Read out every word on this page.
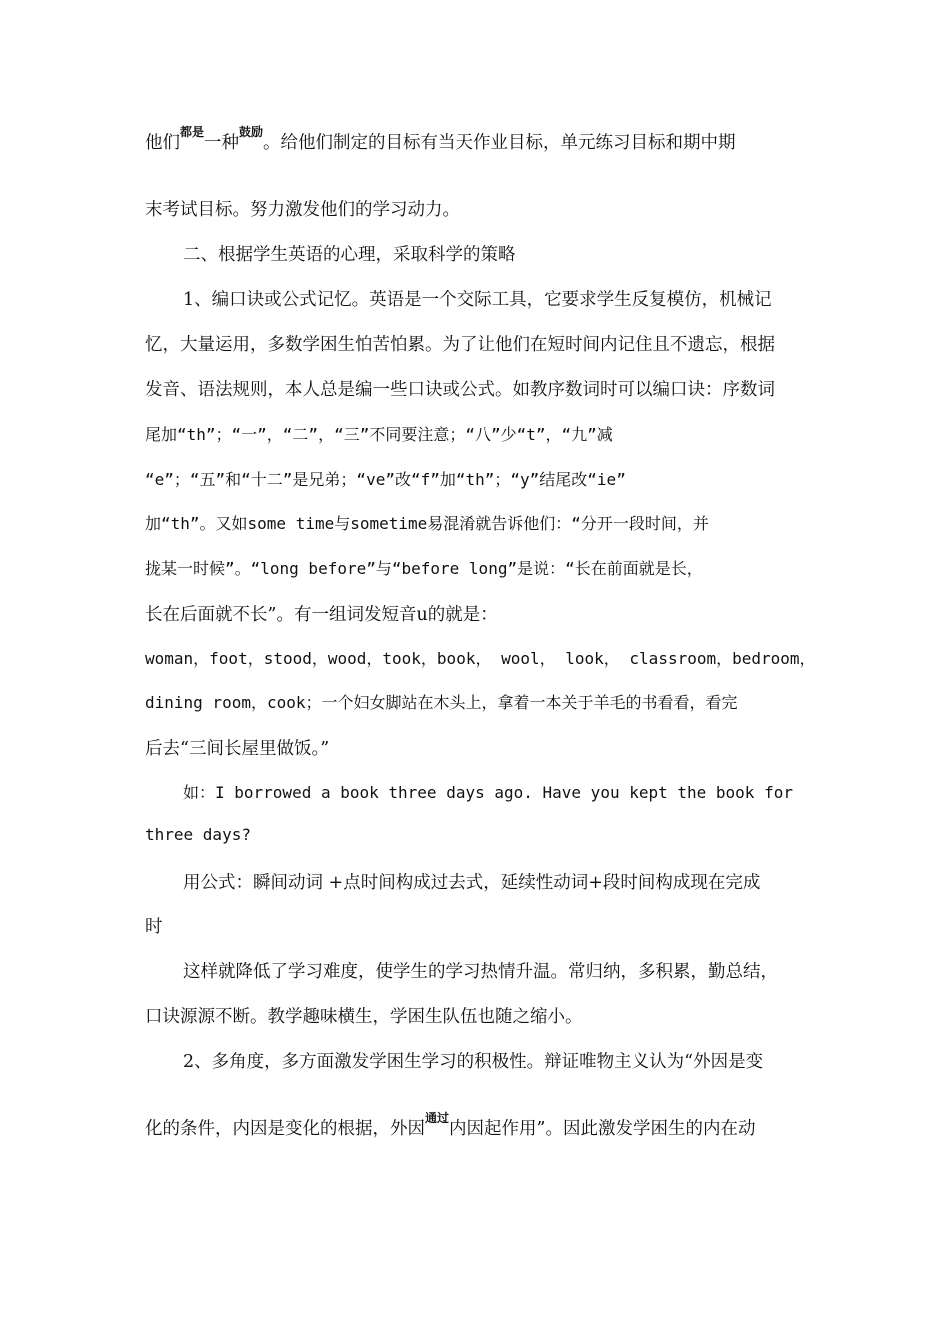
他们$^{都是}$一种$^{鼓励}$。给他们制定的目标有当天作业目标，单元练习目标和期中期
末考试目标。努力激发他们的学习动力。
二、根据学生英语的心理，采取科学的策略
1、编口诀或公式记忆。英语是一个交际工具，它要求学生反复模仿，机械记
忆，大量运用，多数学困生怕苦怕累。为了让他们在短时间内记住且不遗忘，根据
发音、语法规则，本人总是编一些口诀或公式。如教序数词时可以编口诀：序数词
尾加“th”；“一”，“二”，“三”不同要注意；“八”少“t”，“九”减
“e”；“五”和“十二”是兄弟；“ve”改“f”加“th”；“y”结尾改“ie”
加“th”。又如some time与sometime易混淆就告诉他们：“分开一段时间，并
拢某一时候”。“long before”与“before long”是说：“长在前面就是长，
长在后面就不长”。有一组词发短音u的就是：
woman，foot，stood，wood，took，book， wool， look， classroom，bedroom，
dining room，cook；一个妇女脚站在木头上，拿着一本关于羊毛的书看看，看完
后去“三间长屋里做饭。”
如：I borrowed a book three days ago. Have you kept the book for
three days?
用公式：瞬间动词 +点时间构成过去式，延续性动词+段时间构成现在完成
时
这样就降低了学习难度，使学生的学习热情升温。常归纳，多积累，勤总结，
口诀源源不断。教学趣味横生，学困生队伍也随之缩小。
2、多角度，多方面激发学困生学习的积极性。辩证唯物主义认为“外因是变
化的条件，内因是变化的根据，外因$^{通过}$内因起作用”。因此激发学困生的内在动
